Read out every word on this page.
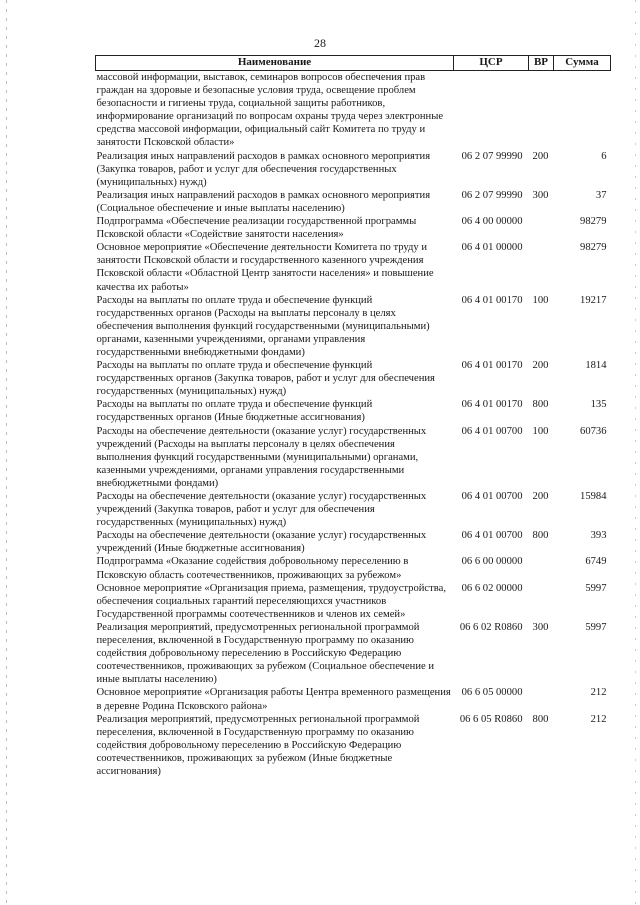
28
Наименование	ЦСР	ВР	Сумма
массовой информации, выставок, семинаров вопросов обеспечения прав граждан на здоровые и безопасные условия труда, освещение проблем безопасности и гигиены труда, социальной защиты работников, информирование организаций по вопросам охраны труда через электронные средства массовой информации, официальный сайт Комитета по труду и занятости Псковской области»			
Реализация иных направлений расходов в рамках основного мероприятия (Закупка товаров, работ и услуг для обеспечения государственных (муниципальных) нужд)	06 2 07 99990	200	6
Реализация иных направлений расходов в рамках основного мероприятия (Социальное обеспечение и иные выплаты населению)	06 2 07 99990	300	37
Подпрограмма «Обеспечение реализации государственной программы Псковской области «Содействие занятости населения»	06 4 00 00000		98279
Основное мероприятие «Обеспечение деятельности Комитета по труду и занятости Псковской области и государственного казенного учреждения Псковской области «Областной Центр занятости населения» и повышение качества их работы»	06 4 01 00000		98279
Расходы на выплаты по оплате труда и обеспечение функций государственных органов (Расходы на выплаты персоналу в целях обеспечения выполнения функций государственными (муниципальными) органами, казенными учреждениями, органами управления государственными внебюджетными фондами)	06 4 01 00170	100	19217
Расходы на выплаты по оплате труда и обеспечение функций государственных органов (Закупка товаров, работ и услуг для обеспечения государственных (муниципальных) нужд)	06 4 01 00170	200	1814
Расходы на выплаты по оплате труда и обеспечение функций государственных органов (Иные бюджетные ассигнования)	06 4 01 00170	800	135
Расходы на обеспечение деятельности (оказание услуг) государственных учреждений (Расходы на выплаты персоналу в целях обеспечения выполнения функций государственными (муниципальными) органами, казенными учреждениями, органами управления государственными внебюджетными фондами)	06 4 01 00700	100	60736
Расходы на обеспечение деятельности (оказание услуг) государственных учреждений (Закупка товаров, работ и услуг для обеспечения государственных (муниципальных) нужд)	06 4 01 00700	200	15984
Расходы на обеспечение деятельности (оказание услуг) государственных учреждений (Иные бюджетные ассигнования)	06 4 01 00700	800	393
Подпрограмма «Оказание содействия добровольному переселению в Псковскую область соотечественников, проживающих за рубежом»	06 6 00 00000		6749
Основное мероприятие «Организация приема, размещения, трудоустройства, обеспечения социальных гарантий переселяющихся участников Государственной программы соотечественников и членов их семей»	06 6 02 00000		5997
Реализация мероприятий, предусмотренных региональной программой переселения, включенной в Государственную программу по оказанию содействия добровольному переселению в Российскую Федерацию соотечественников, проживающих за рубежом (Социальное обеспечение и иные выплаты населению)	06 6 02 R0860	300	5997
Основное мероприятие «Организация работы Центра временного размещения в деревне Родина Псковского района»	06 6 05 00000		212
Реализация мероприятий, предусмотренных региональной программой переселения, включенной в Государственную программу по оказанию содействия добровольному переселению в Российскую Федерацию соотечественников, проживающих за рубежом (Иные бюджетные ассигнования)	06 6 05 R0860	800	212
